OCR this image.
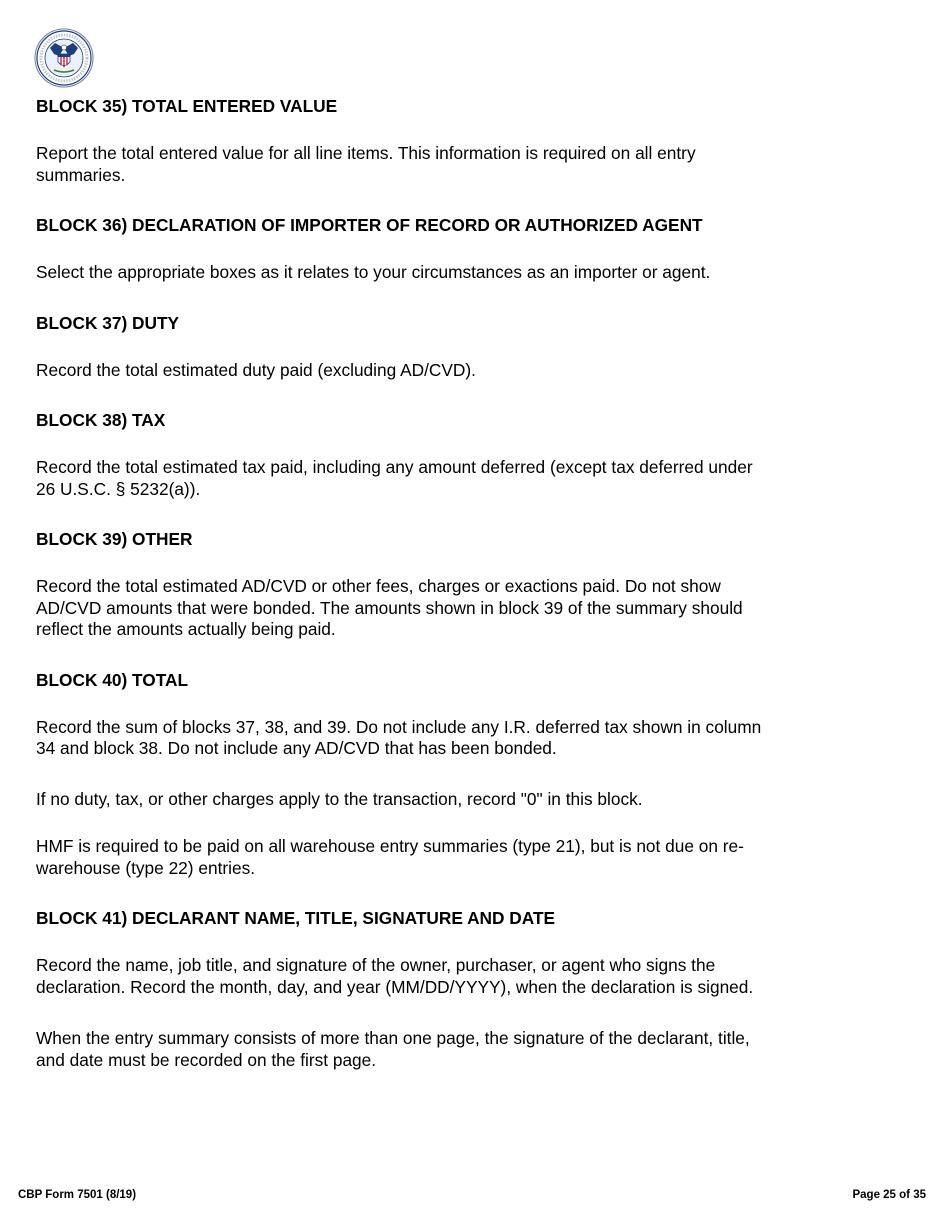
BLOCK 35) TOTAL ENTERED VALUE

Report the total entered value for all line items. This information is required on all entry summaries.

BLOCK 36) DECLARATION OF IMPORTER OF RECORD OR AUTHORIZED AGENT

Select the appropriate boxes as it relates to your circumstances as an importer or agent.

BLOCK 37) DUTY

Record the total estimated duty paid (excluding AD/CVD).

BLOCK 38) TAX

Record the total estimated tax paid, including any amount deferred (except tax deferred under 26 U.S.C. § 5232(a)).

BLOCK 39) OTHER

Record the total estimated AD/CVD or other fees, charges or exactions paid. Do not show AD/CVD amounts that were bonded. The amounts shown in block 39 of the summary should reflect the amounts actually being paid.

BLOCK 40) TOTAL

Record the sum of blocks 37, 38, and 39. Do not include any I.R. deferred tax shown in column 34 and block 38. Do not include any AD/CVD that has been bonded.

If no duty, tax, or other charges apply to the transaction, record "0" in this block.

HMF is required to be paid on all warehouse entry summaries (type 21), but is not due on re-warehouse (type 22) entries.

BLOCK 41) DECLARANT NAME, TITLE, SIGNATURE AND DATE

Record the name, job title, and signature of the owner, purchaser, or agent who signs the declaration. Record the month, day, and year (MM/DD/YYYY), when the declaration is signed.

When the entry summary consists of more than one page, the signature of the declarant, title, and date must be recorded on the first page.

CBP Form 7501 (8/19)	Page 25 of 35
